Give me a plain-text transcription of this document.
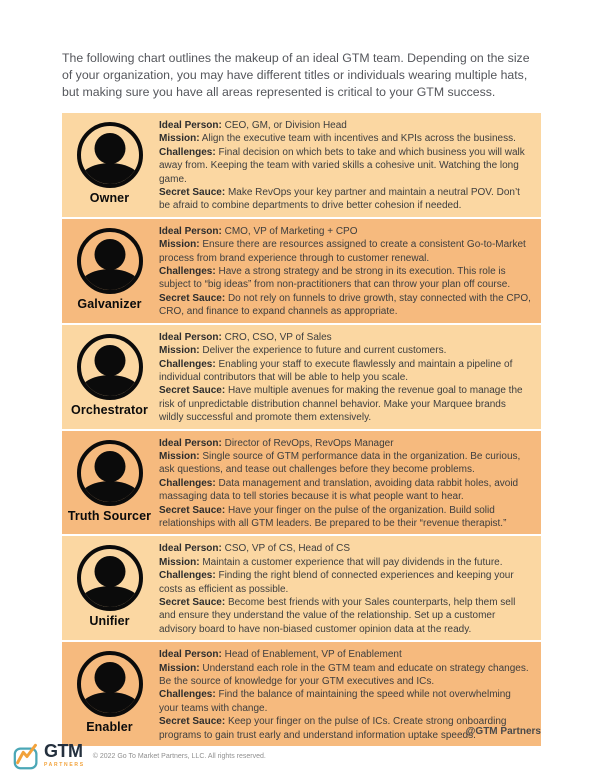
The following chart outlines the makeup of an ideal GTM team. Depending on the size of your organization, you may have different titles or individuals wearing multiple hats, but making sure you have all areas represented is critical to your GTM success.

Owner
Ideal Person: CEO, GM, or Division Head
Mission: Align the executive team with incentives and KPIs across the business.
Challenges: Final decision on which bets to take and which business you will walk away from. Keeping the team with varied skills a cohesive unit. Watching the long game.
Secret Sauce: Make RevOps your key partner and maintain a neutral POV. Don’t be afraid to combine departments to drive better cohesion if needed.
Galvanizer
Ideal Person: CMO, VP of Marketing + CPO
Mission: Ensure there are resources assigned to create a consistent Go-to-Market process from brand experience through to customer renewal.
Challenges: Have a strong strategy and be strong in its execution. This role is subject to “big ideas” from non-practitioners that can throw your plan off course.
Secret Sauce: Do not rely on funnels to drive growth, stay connected with the CPO, CRO, and finance to expand channels as appropriate.
Orchestrator
Ideal Person: CRO, CSO, VP of Sales
Mission: Deliver the experience to future and current customers.
Challenges: Enabling your staff to execute flawlessly and maintain a pipeline of individual contributors that will be able to help you scale.
Secret Sauce: Have multiple avenues for making the revenue goal to manage the risk of unpredictable distribution channel behavior. Make your Marquee brands wildly successful and promote them extensively.
Truth Sourcer
Ideal Person: Director of RevOps, RevOps Manager
Mission: Single source of GTM performance data in the organization. Be curious, ask questions, and tease out challenges before they become problems.
Challenges: Data management and translation, avoiding data rabbit holes, avoid massaging data to tell stories because it is what people want to hear.
Secret Sauce: Have your finger on the pulse of the organization. Build solid relationships with all GTM leaders. Be prepared to be their “revenue therapist.”
Unifier
Ideal Person: CSO, VP of CS, Head of CS
Mission: Maintain a customer experience that will pay dividends in the future.
Challenges: Finding the right blend of connected experiences and keeping your costs as efficient as possible.
Secret Sauce: Become best friends with your Sales counterparts, help them sell and ensure they understand the value of the relationship. Set up a customer advisory board to have non-biased customer opinion data at the ready.
Enabler
Ideal Person: Head of Enablement, VP of Enablement
Mission: Understand each role in the GTM team and educate on strategy changes. Be the source of knowledge for your GTM executives and ICs.
Challenges: Find the balance of maintaining the speed while not overwhelming your teams with change.
Secret Sauce: Keep your finger on the pulse of ICs. Create strong onboarding programs to gain trust early and understand information uptake speeds.
@GTM Partners
GTM
PARTNERS
© 2022 Go To Market Partners, LLC. All rights reserved.
